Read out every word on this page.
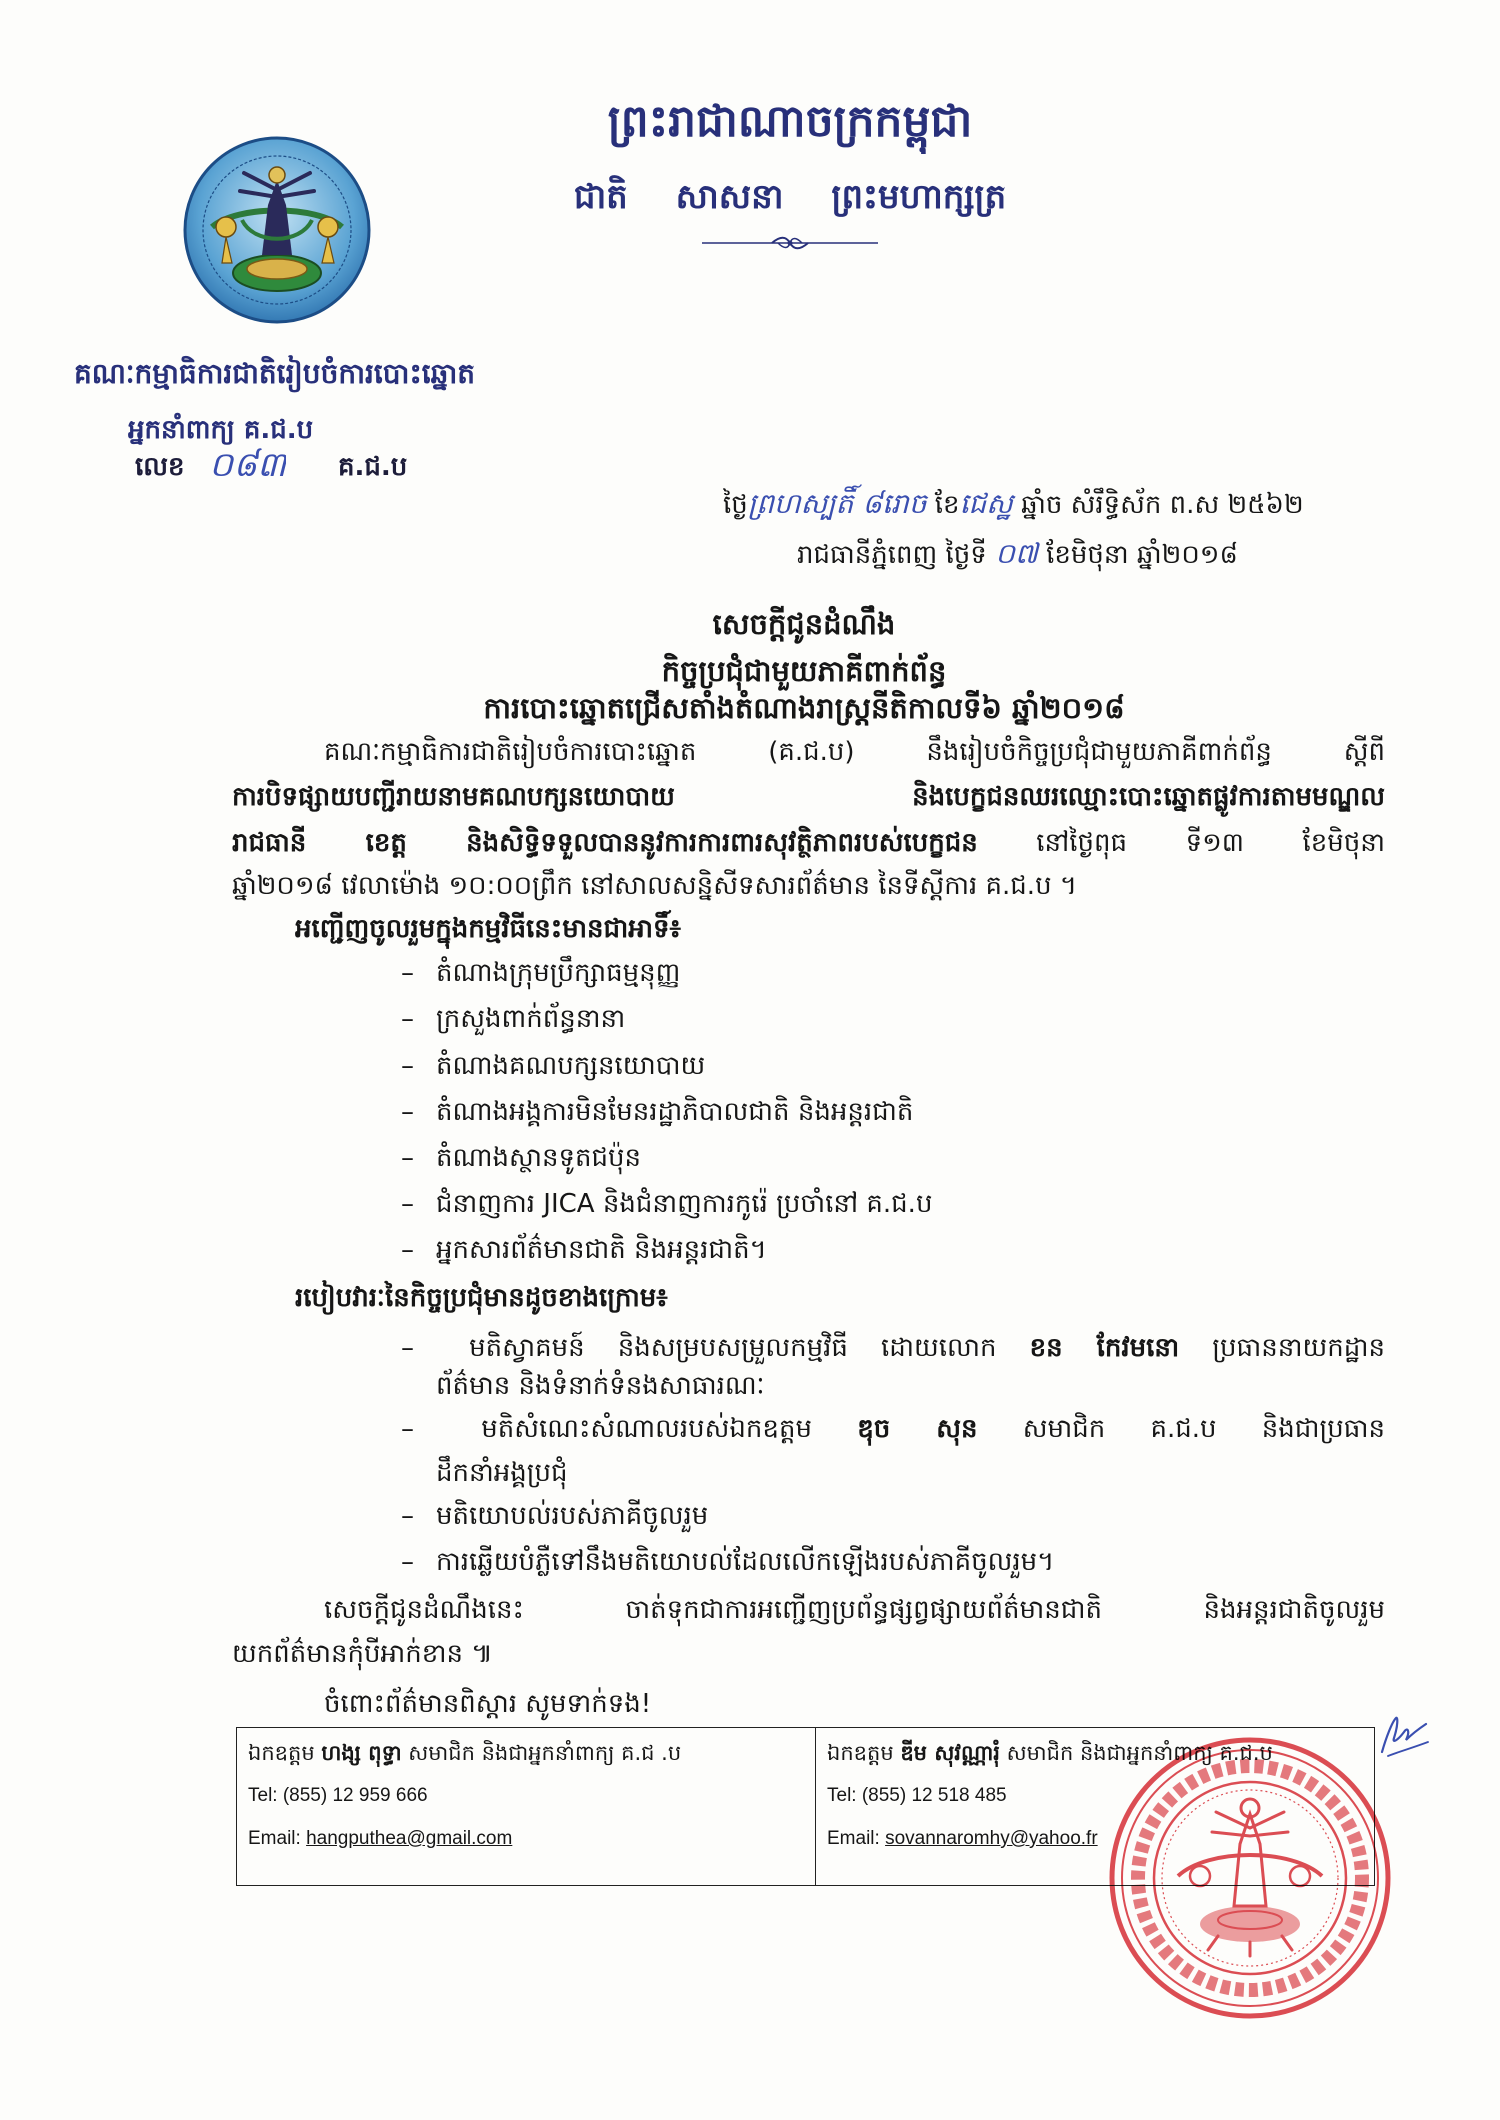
ព្រះរាជាណាចក្រកម្ពុជា
ជាតិ សាសនា ព្រះមហាក្សត្រ
គណៈកម្មាធិការជាតិរៀបចំការបោះឆ្នោត
អ្នកនាំពាក្យ គ.ជ.ប
លេខ ០៨៣ គ.ជ.ប
ថ្ងៃព្រហស្បតិ៍ ៨រោច ខែជេស្ឋ ឆ្នាំច សំរឹទ្ធិស័ក ព.ស ២៥៦២
រាជធានីភ្នំពេញ ថ្ងៃទី ០៧ ខែមិថុនា ឆ្នាំ២០១៨
សេចក្តីជូនដំណឹង
កិច្ចប្រជុំជាមួយភាគីពាក់ព័ន្ធ
ការបោះឆ្នោតជ្រើសតាំងតំណាងរាស្ត្រនីតិកាលទី៦ ឆ្នាំ២០១៨
គណៈកម្មាធិការជាតិរៀបចំការបោះឆ្នោត (គ.ជ.ប) នឹងរៀបចំកិច្ចប្រជុំជាមួយភាគីពាក់ព័ន្ធ ស្តីពី
ការបិទផ្សាយបញ្ជីរាយនាមគណបក្សនយោបាយ និងបេក្ខជនឈរឈ្មោះបោះឆ្នោតផ្លូវការតាមមណ្ឌល
រាជធានី ខេត្ត និងសិទ្ធិទទួលបាននូវការការពារសុវត្ថិភាពរបស់បេក្ខជន នៅថ្ងៃពុធ ទី១៣ ខែមិថុនា
ឆ្នាំ២០១៨ វេលាម៉ោង ១០:០០ព្រឹក នៅសាលសន្និសីទសារព័ត៌មាន នៃទីស្តីការ គ.ជ.ប ។
អញ្ជើញចូលរួមក្នុងកម្មវិធីនេះមានជាអាទិ៍៖
– តំណាងក្រុមប្រឹក្សាធម្មនុញ្ញ
– ក្រសួងពាក់ព័ន្ធនានា
– តំណាងគណបក្សនយោបាយ
– តំណាងអង្គការមិនមែនរដ្ឋាភិបាលជាតិ និងអន្តរជាតិ
– តំណាងស្ថានទូតជប៉ុន
– ជំនាញការ JICA និងជំនាញការកូរ៉េ ប្រចាំនៅ គ.ជ.ប
– អ្នកសារព័ត៌មានជាតិ និងអន្តរជាតិ។
របៀបវារៈនៃកិច្ចប្រជុំមានដូចខាងក្រោម៖
– មតិស្វាគមន៍ និងសម្របសម្រួលកម្មវិធី ដោយលោក ខន កែវមនោ ប្រធាននាយកដ្ឋាន
ព័ត៌មាន និងទំនាក់ទំនងសាធារណៈ
– មតិសំណេះសំណាលរបស់ឯកឧត្តម ឌុច សុន សមាជិក គ.ជ.ប និងជាប្រធាន
ដឹកនាំអង្គប្រជុំ
– មតិយោបល់របស់ភាគីចូលរួម
– ការឆ្លើយបំភ្លឺទៅនឹងមតិយោបល់ដែលលើកឡើងរបស់ភាគីចូលរួម។
សេចក្តីជូនដំណឹងនេះ ចាត់ទុកជាការអញ្ជើញប្រព័ន្ធផ្សព្វផ្សាយព័ត៌មានជាតិ និងអន្តរជាតិចូលរួម
យកព័ត៌មានកុំបីអាក់ខាន ៕
ចំពោះព័ត៌មានពិស្តារ សូមទាក់ទង!
ឯកឧត្តម ហង្ស ពុទ្ធា សមាជិក និងជាអ្នកនាំពាក្យ គ.ជ .ប
Tel: (855) 12 959 666
Email: hangputhea@gmail.com
ឯកឧត្តម ឌីម សុវណ្ណារុំ សមាជិក និងជាអ្នកនាំពាក្យ គ.ជ.ប
Tel: (855) 12 518 485
Email: sovannaromhy@yahoo.fr
